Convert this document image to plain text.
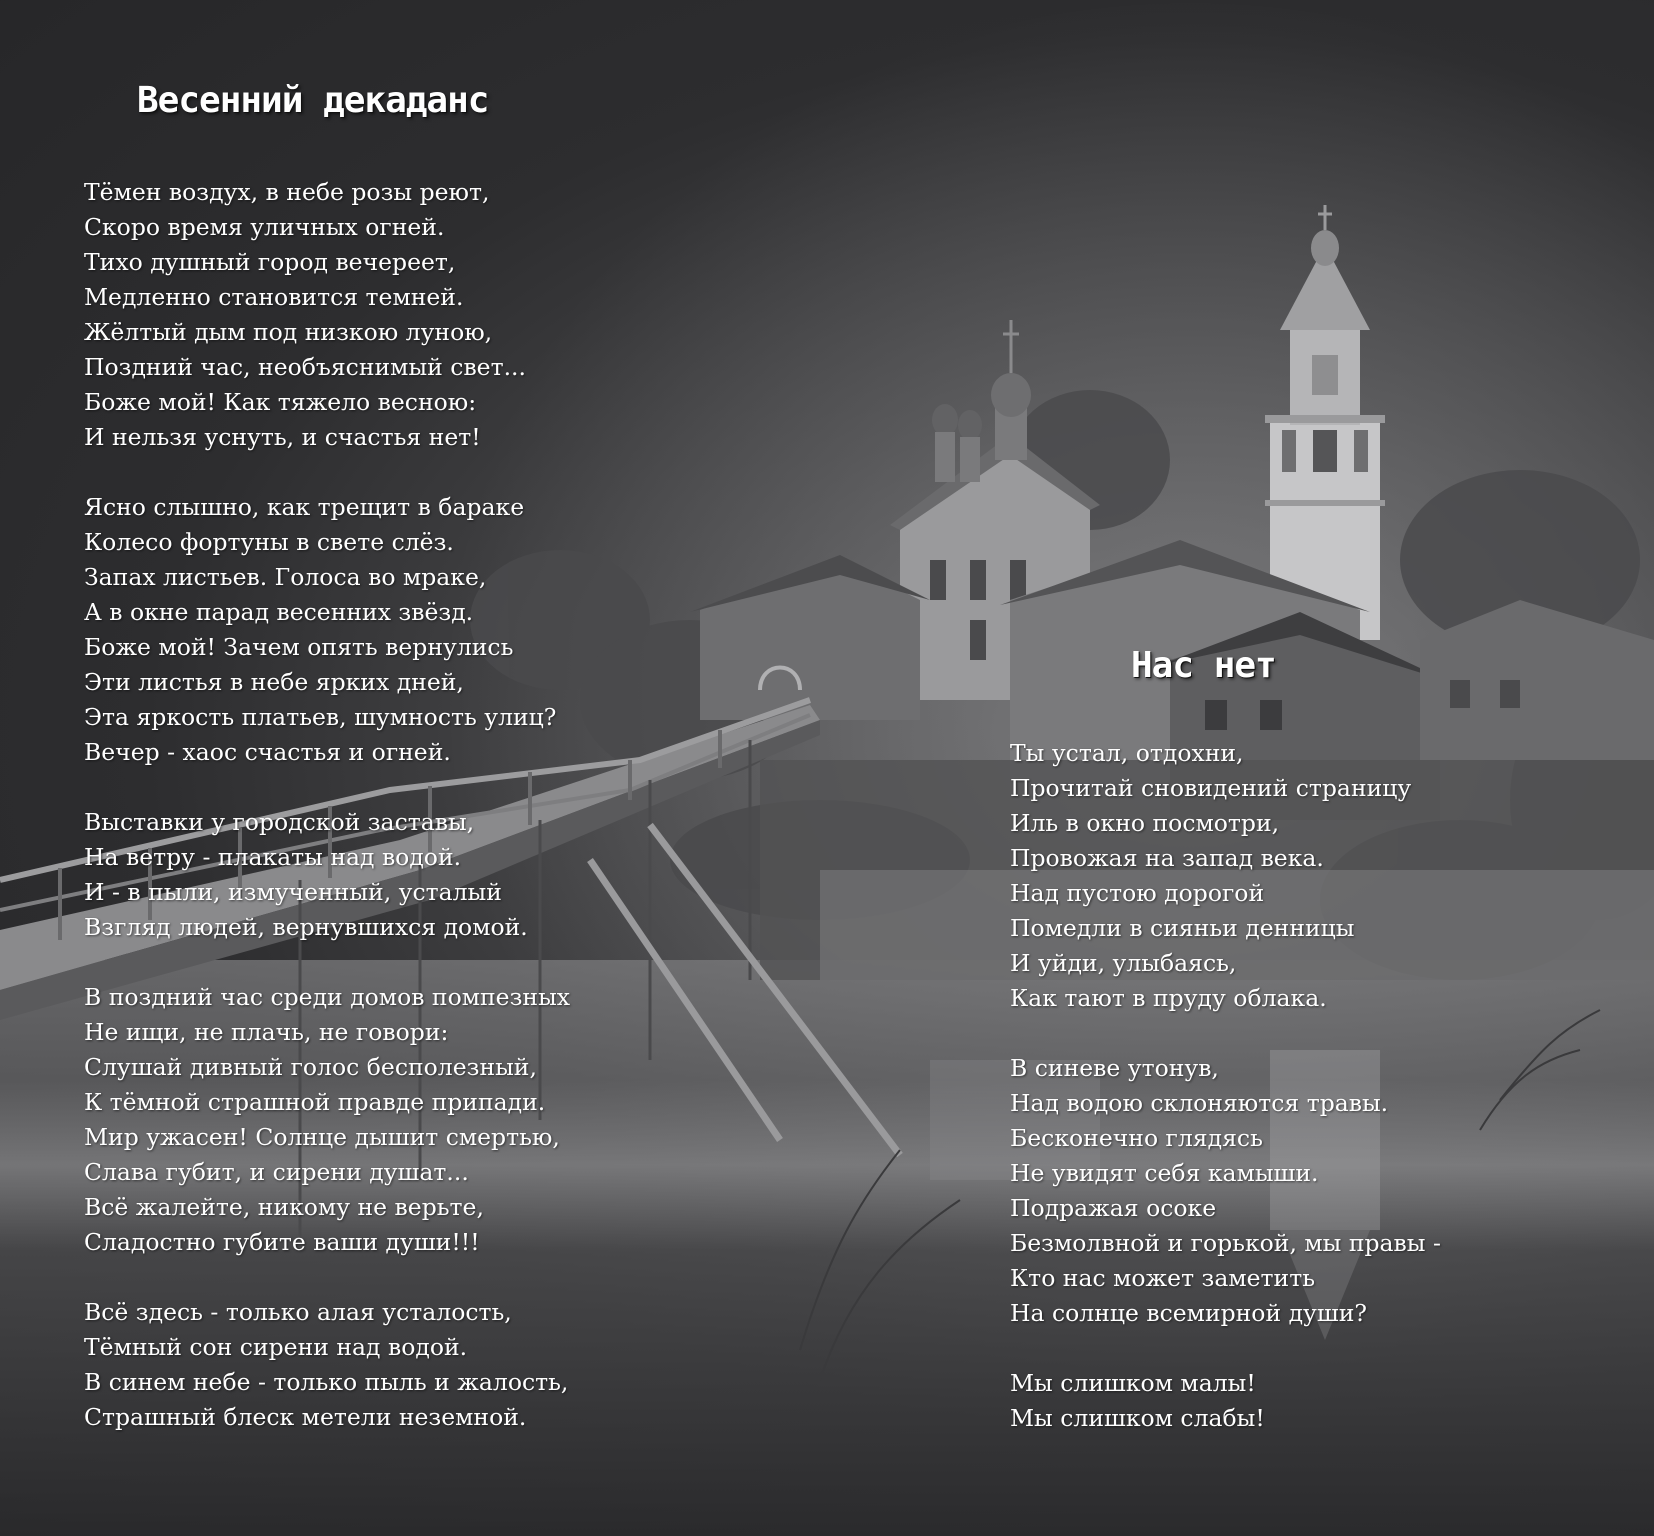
Весенний декаданс
Тёмен воздух, в небе розы реют,
Скоро время уличных огней.
Тихо душный город вечереет,
Медленно становится темней.
Жёлтый дым под низкою луною,
Поздний час, необъяснимый свет...
Боже мой! Как тяжело весною:
И нельзя уснуть, и счастья нет!
Ясно слышно, как трещит в бараке
Колесо фортуны в свете слёз.
Запах листьев. Голоса во мраке,
А в окне парад весенних звёзд.
Боже мой! Зачем опять вернулись
Эти листья в небе ярких дней,
Эта яркость платьев, шумность улиц?
Вечер - хаос счастья и огней.
Выставки у городской заставы,
На ветру - плакаты над водой.
И - в пыли, измученный, усталый
Взгляд людей, вернувшихся домой.
В поздний час среди домов помпезных
Не ищи, не плачь, не говори:
Слушай дивный голос бесполезный,
К тёмной страшной правде припади.
Мир ужасен! Солнце дышит смертью,
Слава губит, и сирени душат...
Всё жалейте, никому не верьте,
Сладостно губите ваши души!!!
Всё здесь - только алая усталость,
Тёмный сон сирени над водой.
В синем небе - только пыль и жалость,
Страшный блеск метели неземной.
Нас нет
Ты устал, отдохни,
Прочитай сновидений страницу
Иль в окно посмотри,
Провожая на запад века.
Над пустою дорогой
Помедли в сияньи денницы
И уйди, улыбаясь,
Как тают в пруду облака.
В синеве утонув,
Над водою склоняются травы.
Бесконечно глядясь
Не увидят себя камыши.
Подражая осоке
Безмолвной и горькой, мы правы -
Кто нас может заметить
На солнце всемирной души?
Мы слишком малы!
Мы слишком слабы!
